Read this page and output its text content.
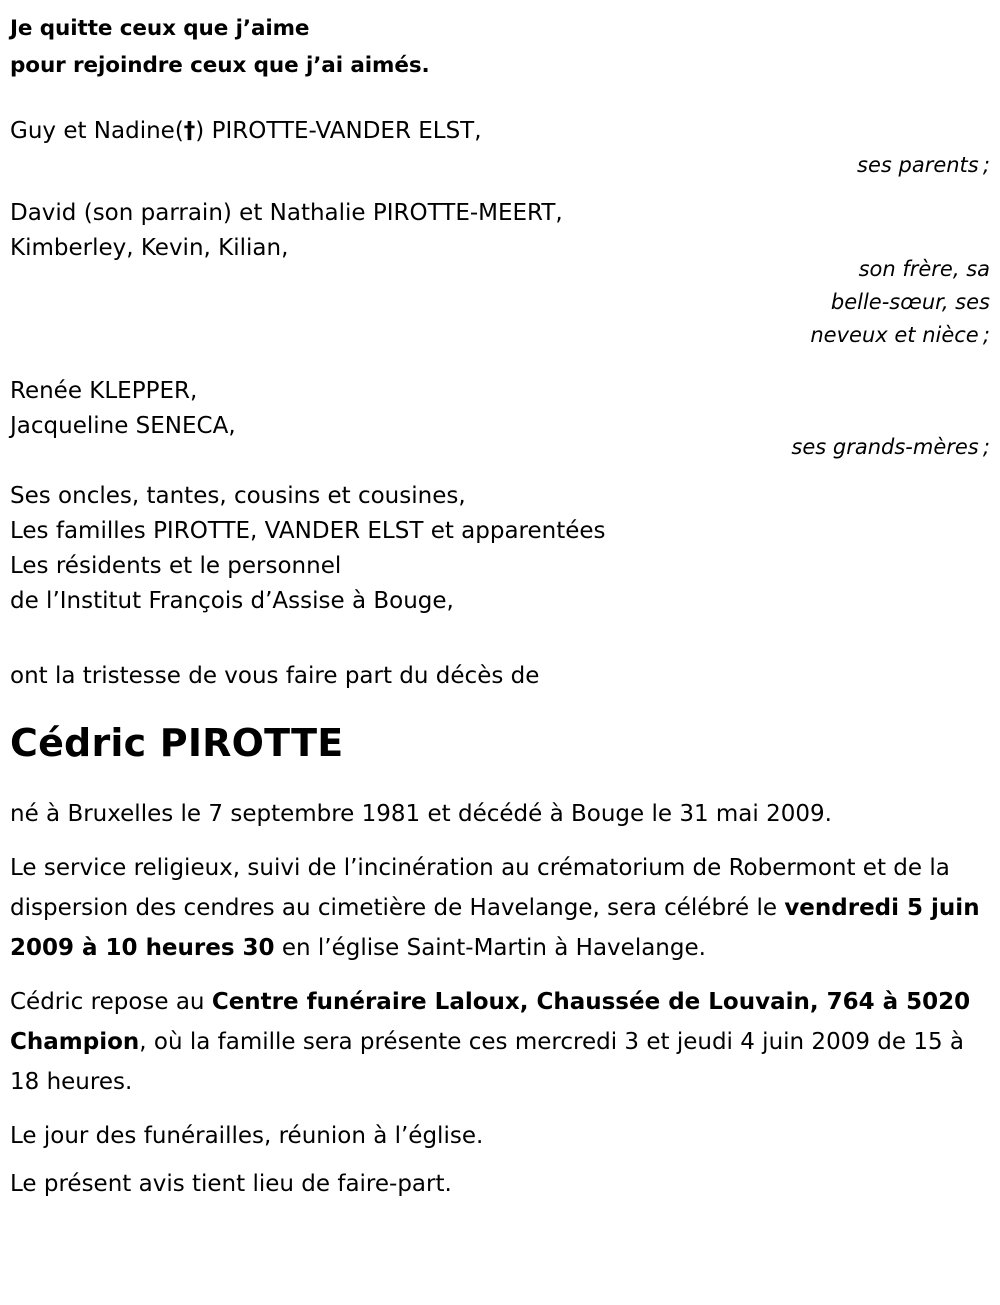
Je quitte ceux que j’aime
pour rejoindre ceux que j’ai aimés.
Guy et Nadine(†) PIROTTE-VANDER ELST,
ses parents ;
David (son parrain) et Nathalie PIROTTE-MEERT,
Kimberley, Kevin, Kilian,
son frère, sa
belle-sœur, ses
neveux et nièce ;
Renée KLEPPER,
Jacqueline SENECA,
ses grands-mères ;
Ses oncles, tantes, cousins et cousines,
Les familles PIROTTE, VANDER ELST et apparentées
Les résidents et le personnel
de l’Institut François d’Assise à Bouge,
ont la tristesse de vous faire part du décès de
Cédric PIROTTE
né à Bruxelles le 7 septembre 1981 et décédé à Bouge le 31 mai 2009.
Le service religieux, suivi de l’incinération au crématorium de Robermont et de la dispersion des cendres au cimetière de Havelange, sera célébré le vendredi 5 juin 2009 à 10 heures 30 en l’église Saint-Martin à Havelange.
Cédric repose au Centre funéraire Laloux, Chaussée de Louvain, 764 à 5020 Champion, où la famille sera présente ces mercredi 3 et jeudi 4 juin 2009 de 15 à 18 heures.
Le jour des funérailles, réunion à l’église.
Le présent avis tient lieu de faire-part.
